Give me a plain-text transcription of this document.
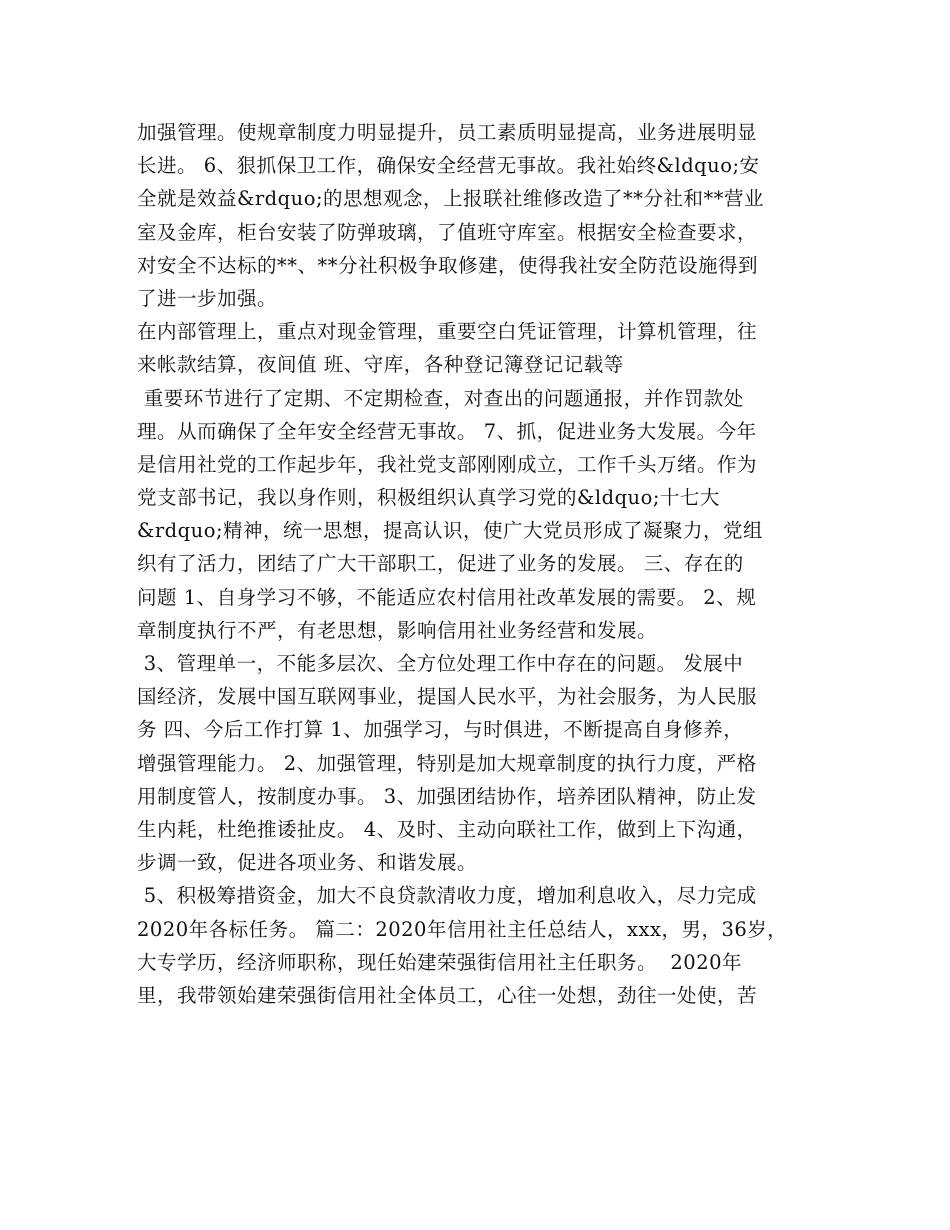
加强管理。使规章制度力明显提升，员工素质明显提高，业务进展明显
长进。 6、狠抓保卫工作，确保安全经营无事故。我社始终&ldquo;安
全就是效益&rdquo;的思想观念，上报联社维修改造了**分社和**营业
室及金库，柜台安装了防弹玻璃，了值班守库室。根据安全检查要求，
对安全不达标的**、**分社积极争取修建，使得我社安全防范设施得到
了进一步加强。
在内部管理上，重点对现金管理，重要空白凭证管理，计算机管理，往
来帐款结算，夜间值 班、守库，各种登记簿登记记载等
重要环节进行了定期、不定期检查，对查出的问题通报，并作罚款处
理。从而确保了全年安全经营无事故。 7、抓，促进业务大发展。今年
是信用社党的工作起步年，我社党支部刚刚成立，工作千头万绪。作为
党支部书记，我以身作则，积极组织认真学习党的&ldquo;十七大
&rdquo;精神，统一思想，提高认识，使广大党员形成了凝聚力，党组
织有了活力，团结了广大干部职工，促进了业务的发展。 三、存在的
问题 1、自身学习不够，不能适应农村信用社改革发展的需要。 2、规
章制度执行不严，有老思想，影响信用社业务经营和发展。
3、管理单一，不能多层次、全方位处理工作中存在的问题。 发展中
国经济，发展中国互联网事业，提国人民水平，为社会服务，为人民服
务 四、今后工作打算 1、加强学习，与时俱进，不断提高自身修养，
增强管理能力。 2、加强管理，特别是加大规章制度的执行力度，严格
用制度管人，按制度办事。 3、加强团结协作，培养团队精神，防止发
生内耗，杜绝推诿扯皮。 4、及时、主动向联社工作，做到上下沟通，
步调一致，促进各项业务、和谐发展。
5、积极筹措资金，加大不良贷款清收力度，增加利息收入，尽力完成
2020年各标任务。 篇二：2020年信用社主任总结人，xxx，男，36岁，
大专学历，经济师职称，现任始建荣强街信用社主任职务。  2020年
里，我带领始建荣强街信用社全体员工，心往一处想，劲往一处使，苦
